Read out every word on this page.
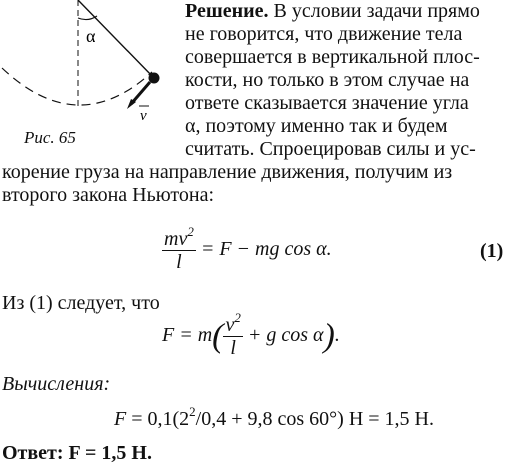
α
v
Рис. 65
Решение. В условии задачи прямо
не говорится, что движение тела
совершается в вертикальной плос-
кости, но только в этом случае на
ответе сказывается значение угла
α, поэтому именно так и будем
считать. Спроецировав силы и ус-
корение груза на направление движения, получим из
второго закона Ньютона:
$\frac{mv^2}{l} = F$ − mg cos α.	(1)
Из (1) следует, что
$F = m( \frac{v^2}{l} + g$ cos α).
Вычисления:
$F = 0,1(2^2/0,4 + 9,8$ cos 60°) Н = 1,5 Н.
Ответ: F = 1,5 Н.
